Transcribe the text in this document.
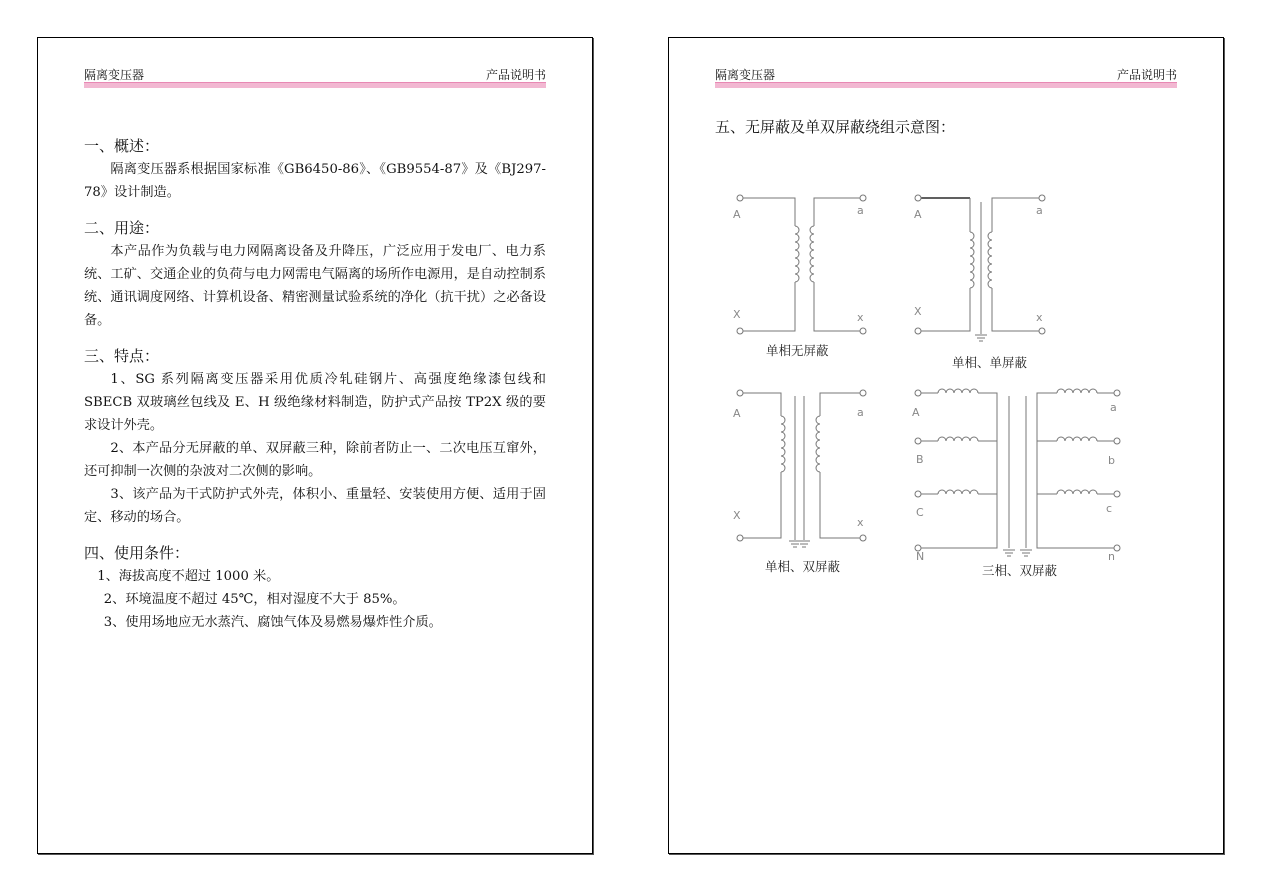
隔离变压器	产品说明书
一、概述：

隔离变压器系根据国家标准《GB6450-86》、《GB9554-87》及《BJ297-78》设计制造。

二、用途：

本产品作为负载与电力网隔离设备及升降压，广泛应用于发电厂、电力系统、工矿、交通企业的负荷与电力网需电气隔离的场所作电源用，是自动控制系统、通讯调度网络、计算机设备、精密测量试验系统的净化（抗干扰）之必备设备。

三、特点：

1、SG 系列隔离变压器采用优质冷轧硅钢片、高强度绝缘漆包线和 SBECB 双玻璃丝包线及 E、H 级绝缘材料制造，防护式产品按 TP2X 级的要求设计外壳。

2、本产品分无屏蔽的单、双屏蔽三种，除前者防止一、二次电压互窜外，还可抑制一次侧的杂波对二次侧的影响。

3、该产品为干式防护式外壳，体积小、重量轻、安装使用方便、适用于固定、移动的场合。

四、使用条件：

1、海拔高度不超过 1000 米。

2、环境温度不超过 45℃，相对湿度不大于 85%。

3、使用场地应无水蒸汽、腐蚀气体及易燃易爆炸性介质。

隔离变压器	产品说明书
五、无屏蔽及单双屏蔽绕组示意图：
A
X
a
x
单相无屏蔽
A
X
a
x
单相、单屏蔽
A
X
a
x
单相、双屏蔽
A
B
C
N
a
b
c
n
三相、双屏蔽
